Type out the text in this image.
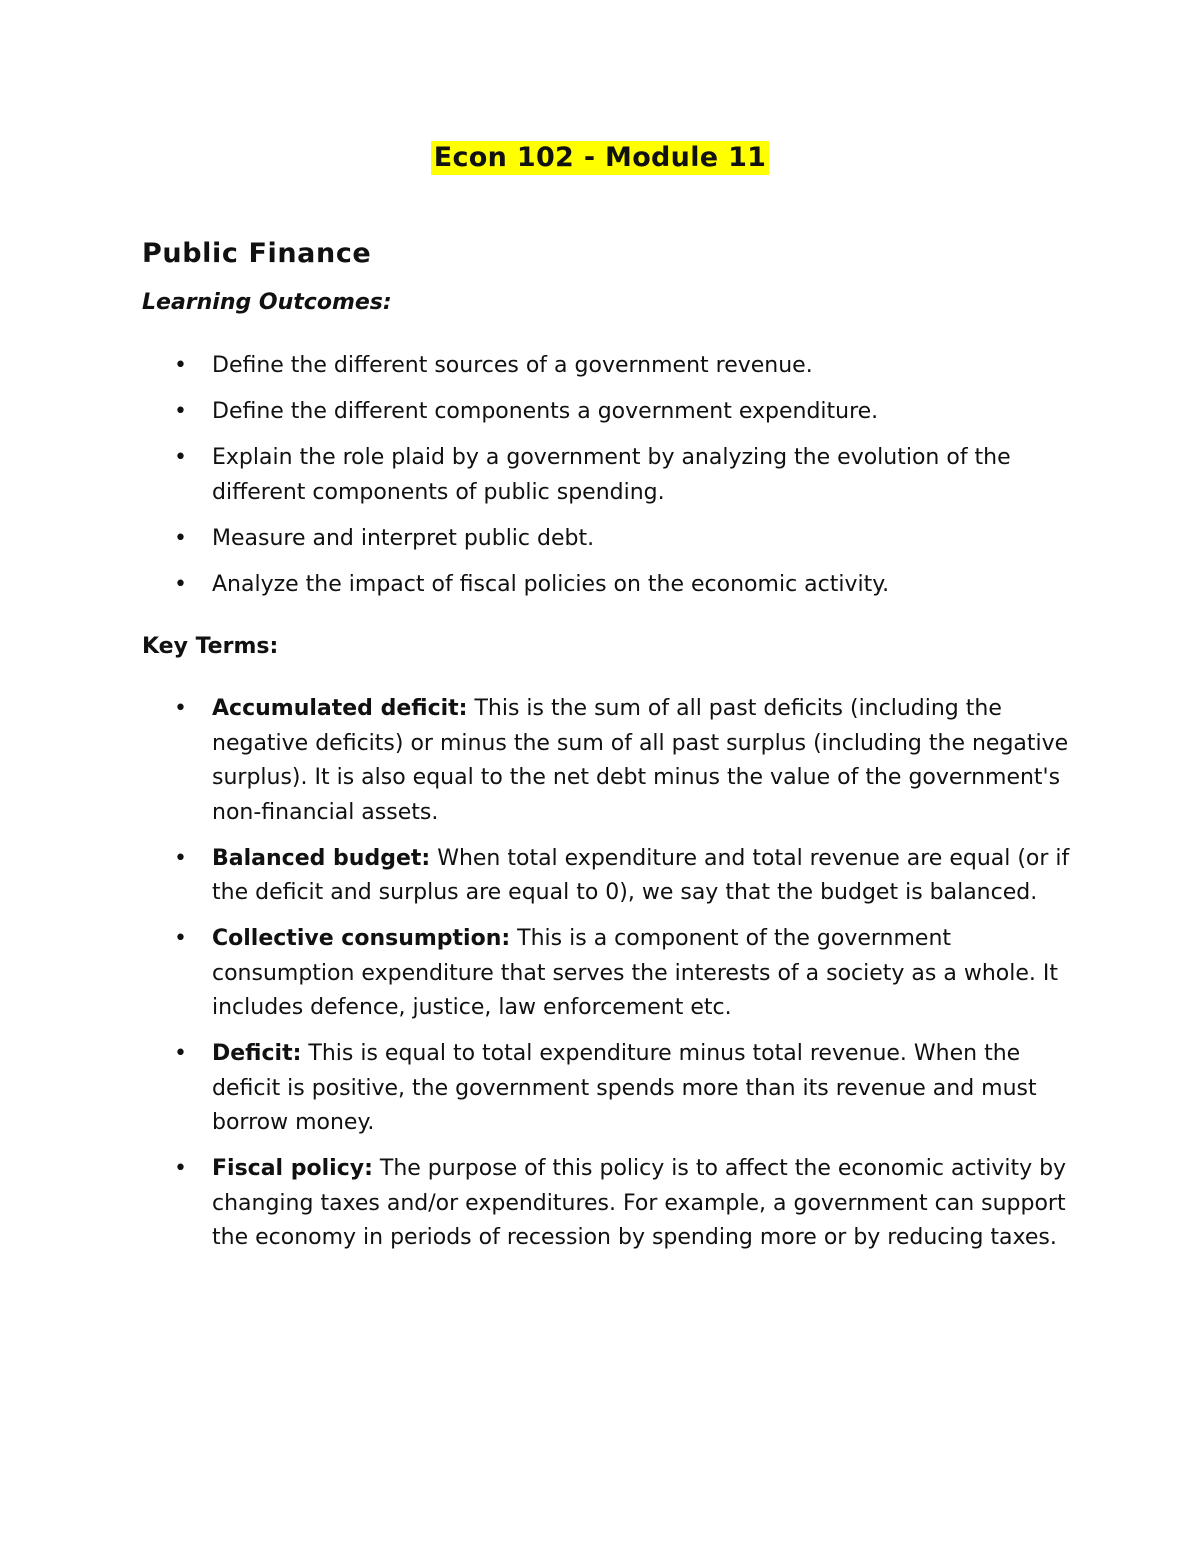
Econ 102 - Module 11
Public Finance
Learning Outcomes:
• Define the different sources of a government revenue.
• Define the different components a government expenditure.
• Explain the role plaid by a government by analyzing the evolution of the different components of public spending.
• Measure and interpret public debt.
• Analyze the impact of fiscal policies on the economic activity.
Key Terms:
• Accumulated deficit: This is the sum of all past deficits (including the negative deficits) or minus the sum of all past surplus (including the negative surplus). It is also equal to the net debt minus the value of the government's non-financial assets.
• Balanced budget: When total expenditure and total revenue are equal (or if the deficit and surplus are equal to 0), we say that the budget is balanced.
• Collective consumption: This is a component of the government consumption expenditure that serves the interests of a society as a whole. It includes defence, justice, law enforcement etc.
• Deficit: This is equal to total expenditure minus total revenue. When the deficit is positive, the government spends more than its revenue and must borrow money.
• Fiscal policy: The purpose of this policy is to affect the economic activity by changing taxes and/or expenditures. For example, a government can support the economy in periods of recession by spending more or by reducing taxes.
